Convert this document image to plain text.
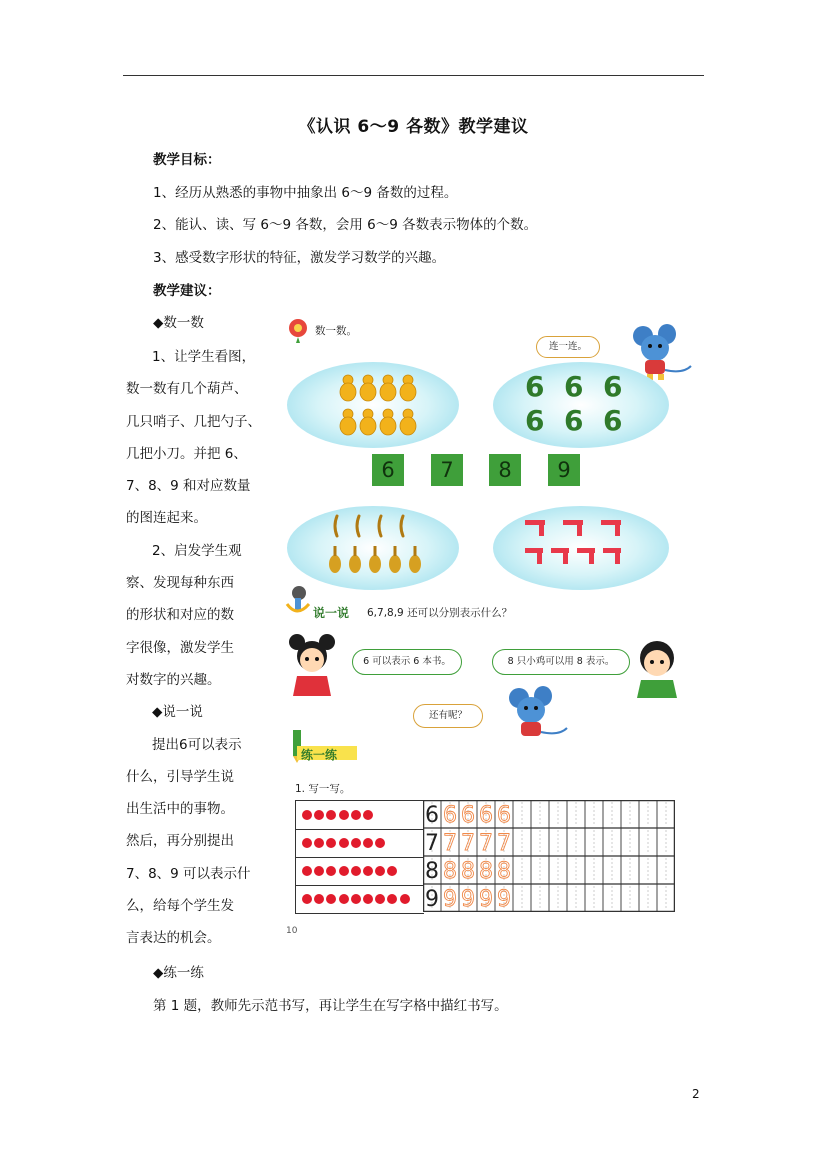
《认识 6～9 各数》教学建议
教学目标：
1、经历从熟悉的事物中抽象出 6～9 备数的过程。
2、能认、读、写 6～9 各数，会用 6～9 各数表示物体的个数。
3、感受数字形状的特征，激发学习数学的兴趣。
教学建议：
◆数一数
1、让学生看图，
数一数有几个葫芦、
几只哨子、几把勺子、
几把小刀。并把 6、
7、8、9 和对应数量
的图连起来。
2、启发学生观
察、发现每种东西
的形状和对应的数
字很像，激发学生
对数字的兴趣。
◆说一说
提出6可以表示
什么，引导学生说
出生活中的事物。
然后，再分别提出
7、8、9 可以表示什
么，给每个学生发
言表达的机会。
◆练一练
第 1 题，教师先示范书写，再让学生在写字格中描红书写。
2
数一数。
连一连。
6 6 6
6 6 6
6	7	8	9
说一说 6,7,8,9 还可以分别表示什么？
6 可以表示 6 本书。	8 只小鸡可以用 8 表示。
还有呢？
练一练
1. 写一写。
6 6 6 6 6
7 7 7 7 7
8 8 8 8 8
9 9 9 9 9
10
